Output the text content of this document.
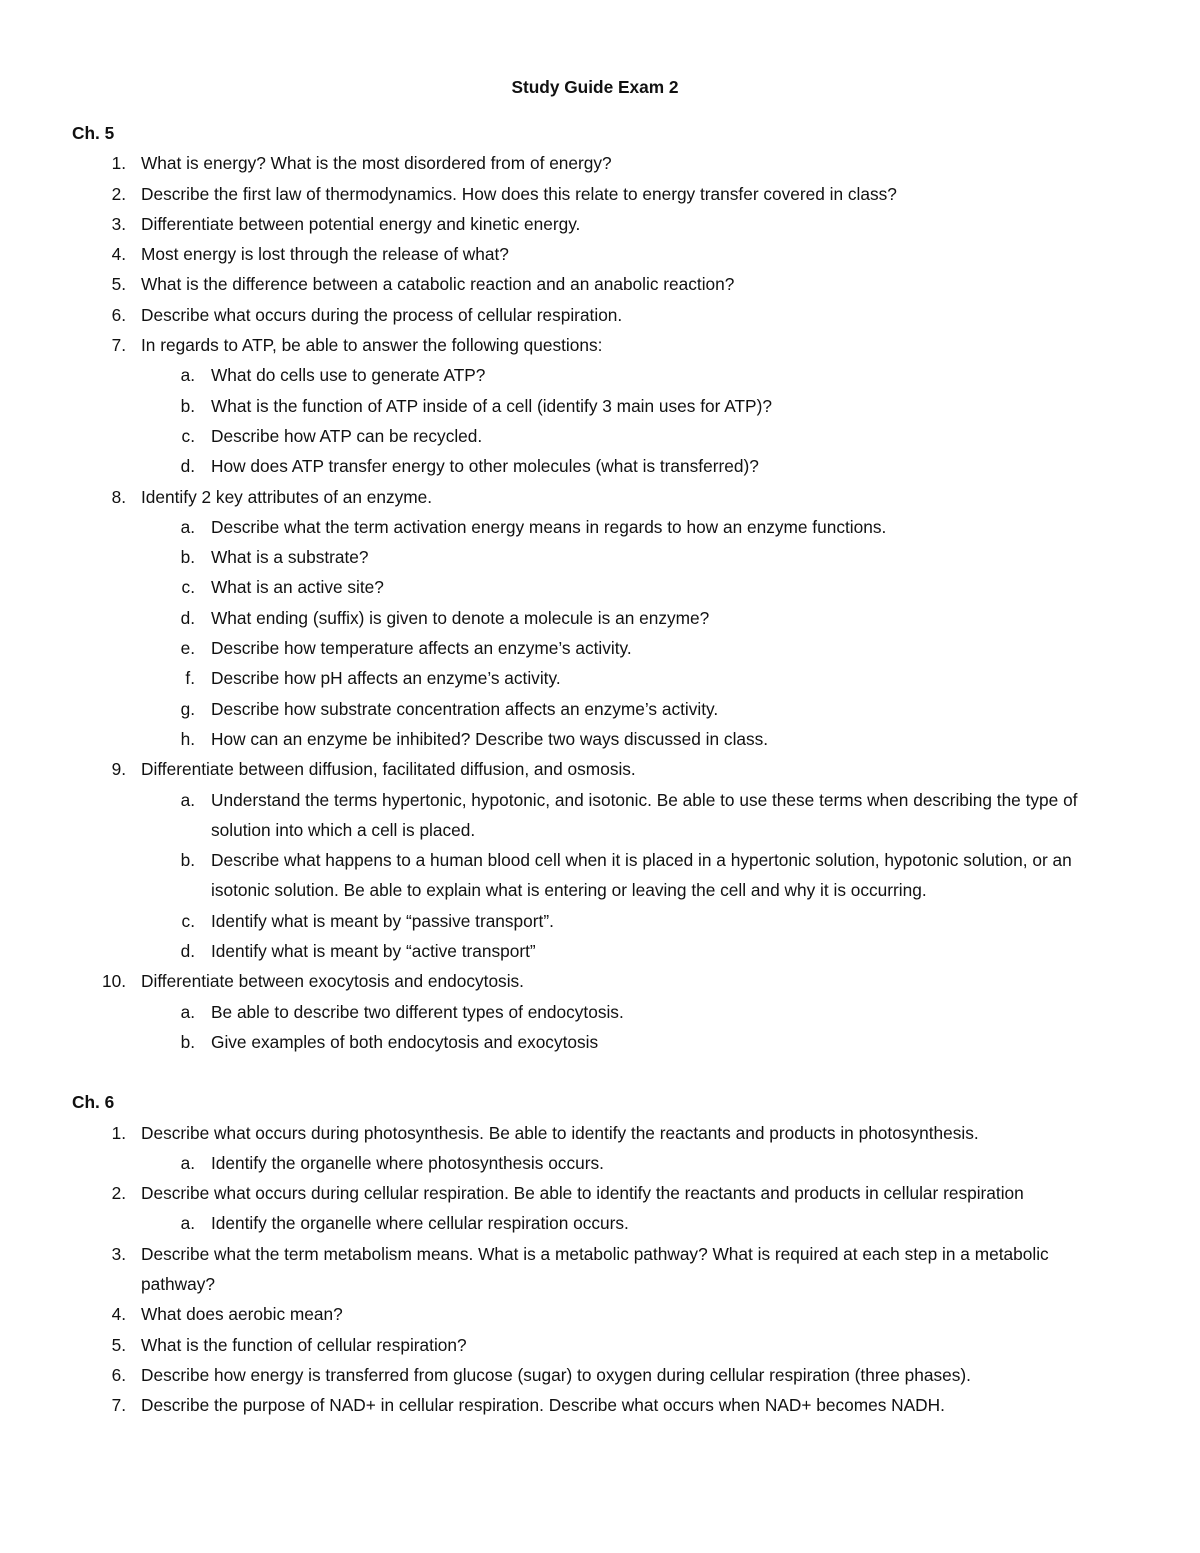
Study Guide Exam 2
Ch. 5
1. What is energy? What is the most disordered from of energy?
2. Describe the first law of thermodynamics. How does this relate to energy transfer covered in class?
3. Differentiate between potential energy and kinetic energy.
4. Most energy is lost through the release of what?
5. What is the difference between a catabolic reaction and an anabolic reaction?
6. Describe what occurs during the process of cellular respiration.
7. In regards to ATP, be able to answer the following questions:
a. What do cells use to generate ATP?
b. What is the function of ATP inside of a cell (identify 3 main uses for ATP)?
c. Describe how ATP can be recycled.
d. How does ATP transfer energy to other molecules (what is transferred)?
8. Identify 2 key attributes of an enzyme.
a. Describe what the term activation energy means in regards to how an enzyme functions.
b. What is a substrate?
c. What is an active site?
d. What ending (suffix) is given to denote a molecule is an enzyme?
e. Describe how temperature affects an enzyme’s activity.
f. Describe how pH affects an enzyme’s activity.
g. Describe how substrate concentration affects an enzyme’s activity.
h. How can an enzyme be inhibited? Describe two ways discussed in class.
9. Differentiate between diffusion, facilitated diffusion, and osmosis.
a. Understand the terms hypertonic, hypotonic, and isotonic. Be able to use these terms when describing the type of solution into which a cell is placed.
b. Describe what happens to a human blood cell when it is placed in a hypertonic solution, hypotonic solution, or an isotonic solution. Be able to explain what is entering or leaving the cell and why it is occurring.
c. Identify what is meant by “passive transport”.
d. Identify what is meant by “active transport”
10. Differentiate between exocytosis and endocytosis.
a. Be able to describe two different types of endocytosis.
b. Give examples of both endocytosis and exocytosis
Ch. 6
1. Describe what occurs during photosynthesis. Be able to identify the reactants and products in photosynthesis.
a. Identify the organelle where photosynthesis occurs.
2. Describe what occurs during cellular respiration. Be able to identify the reactants and products in cellular respiration
a. Identify the organelle where cellular respiration occurs.
3. Describe what the term metabolism means. What is a metabolic pathway? What is required at each step in a metabolic pathway?
4. What does aerobic mean?
5. What is the function of cellular respiration?
6. Describe how energy is transferred from glucose (sugar) to oxygen during cellular respiration (three phases).
7. Describe the purpose of NAD+ in cellular respiration. Describe what occurs when NAD+ becomes NADH.
